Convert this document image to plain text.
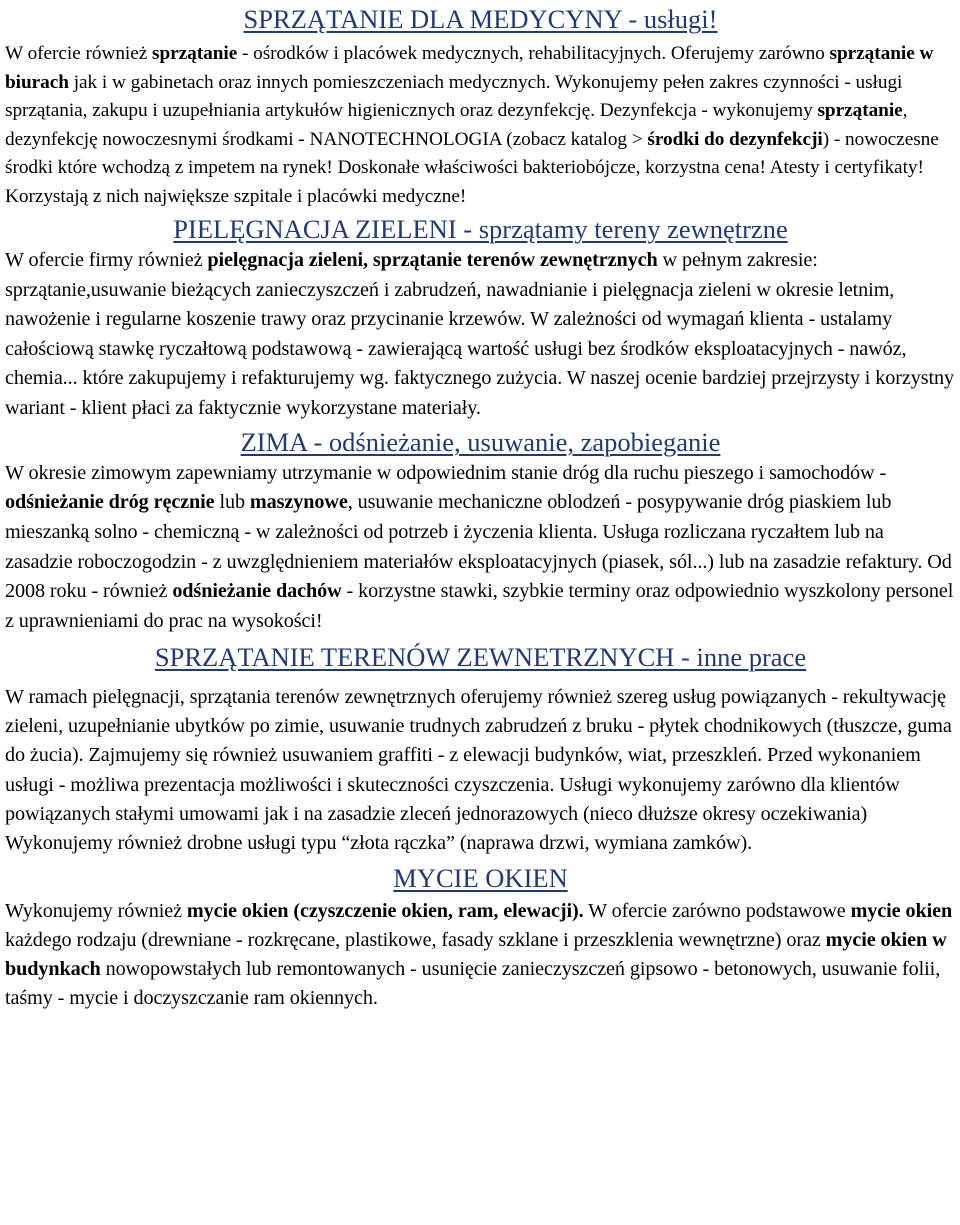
SPRZĄTANIE DLA MEDYCYNY - usługi!

W ofercie również sprzątanie - ośrodków i placówek medycznych, rehabilitacyjnych. Oferujemy zarówno sprzątanie w biurach jak i w gabinetach oraz innych pomieszczeniach medycznych. Wykonujemy pełen zakres czynności - usługi sprzątania, zakupu i uzupełniania artykułów higienicznych oraz dezynfekcję. Dezynfekcja - wykonujemy sprzątanie, dezynfekcję nowoczesnymi środkami - NANOTECHNOLOGIA (zobacz katalog > środki do dezynfekcji) - nowoczesne środki które wchodzą z impetem na rynek! Doskonałe właściwości bakteriobójcze, korzystna cena! Atesty i certyfikaty! Korzystają z nich największe szpitale i placówki medyczne!

PIELĘGNACJA ZIELENI - sprzątamy tereny zewnętrzne

W ofercie firmy również pielęgnacja zieleni, sprzątanie terenów zewnętrznych w pełnym zakresie: sprzątanie,usuwanie bieżących zanieczyszczeń i zabrudzeń, nawadnianie i pielęgnacja zieleni w okresie letnim, nawożenie i regularne koszenie trawy oraz przycinanie krzewów. W zależności od wymagań klienta - ustalamy całościową stawkę ryczałtową podstawową - zawierającą wartość usługi bez środków eksploatacyjnych - nawóz, chemia... które zakupujemy i refakturujemy wg. faktycznego zużycia. W naszej ocenie bardziej przejrzysty i korzystny wariant - klient płaci za faktycznie wykorzystane materiały.

ZIMA - odśnieżanie, usuwanie, zapobieganie

W okresie zimowym zapewniamy utrzymanie w odpowiednim stanie dróg dla ruchu pieszego i samochodów - odśnieżanie dróg ręcznie lub maszynowe, usuwanie mechaniczne oblodzeń - posypywanie dróg piaskiem lub mieszanką solno - chemiczną - w zależności od potrzeb i życzenia klienta. Usługa rozliczana ryczałtem lub na zasadzie roboczogodzin - z uwzględnieniem materiałów eksploatacyjnych (piasek, sól...) lub na zasadzie refaktury. Od 2008 roku - również odśnieżanie dachów - korzystne stawki, szybkie terminy oraz odpowiednio wyszkolony personel z uprawnieniami do prac na wysokości!

SPRZĄTANIE TERENÓW ZEWNETRZNYCH - inne prace

W ramach pielęgnacji, sprzątania terenów zewnętrznych oferujemy również szereg usług powiązanych - rekultywację zieleni, uzupełnianie ubytków po zimie, usuwanie trudnych zabrudzeń z bruku - płytek chodnikowych (tłuszcze, guma do żucia). Zajmujemy się również usuwaniem graffiti - z elewacji budynków, wiat, przeszkleń. Przed wykonaniem usługi - możliwa prezentacja możliwości i skuteczności czyszczenia. Usługi wykonujemy zarówno dla klientów powiązanych stałymi umowami jak i na zasadzie zleceń jednorazowych (nieco dłuższe okresy oczekiwania) Wykonujemy również drobne usługi typu “złota rączka” (naprawa drzwi, wymiana zamków).

MYCIE OKIEN

Wykonujemy również mycie okien (czyszczenie okien, ram, elewacji). W ofercie zarówno podstawowe mycie okien każdego rodzaju (drewniane - rozkręcane, plastikowe, fasady szklane i przeszklenia wewnętrzne) oraz mycie okien w budynkach nowopowstałych lub remontowanych - usunięcie zanieczyszczeń gipsowo - betonowych, usuwanie folii, taśmy - mycie i doczyszczanie ram okiennych.
